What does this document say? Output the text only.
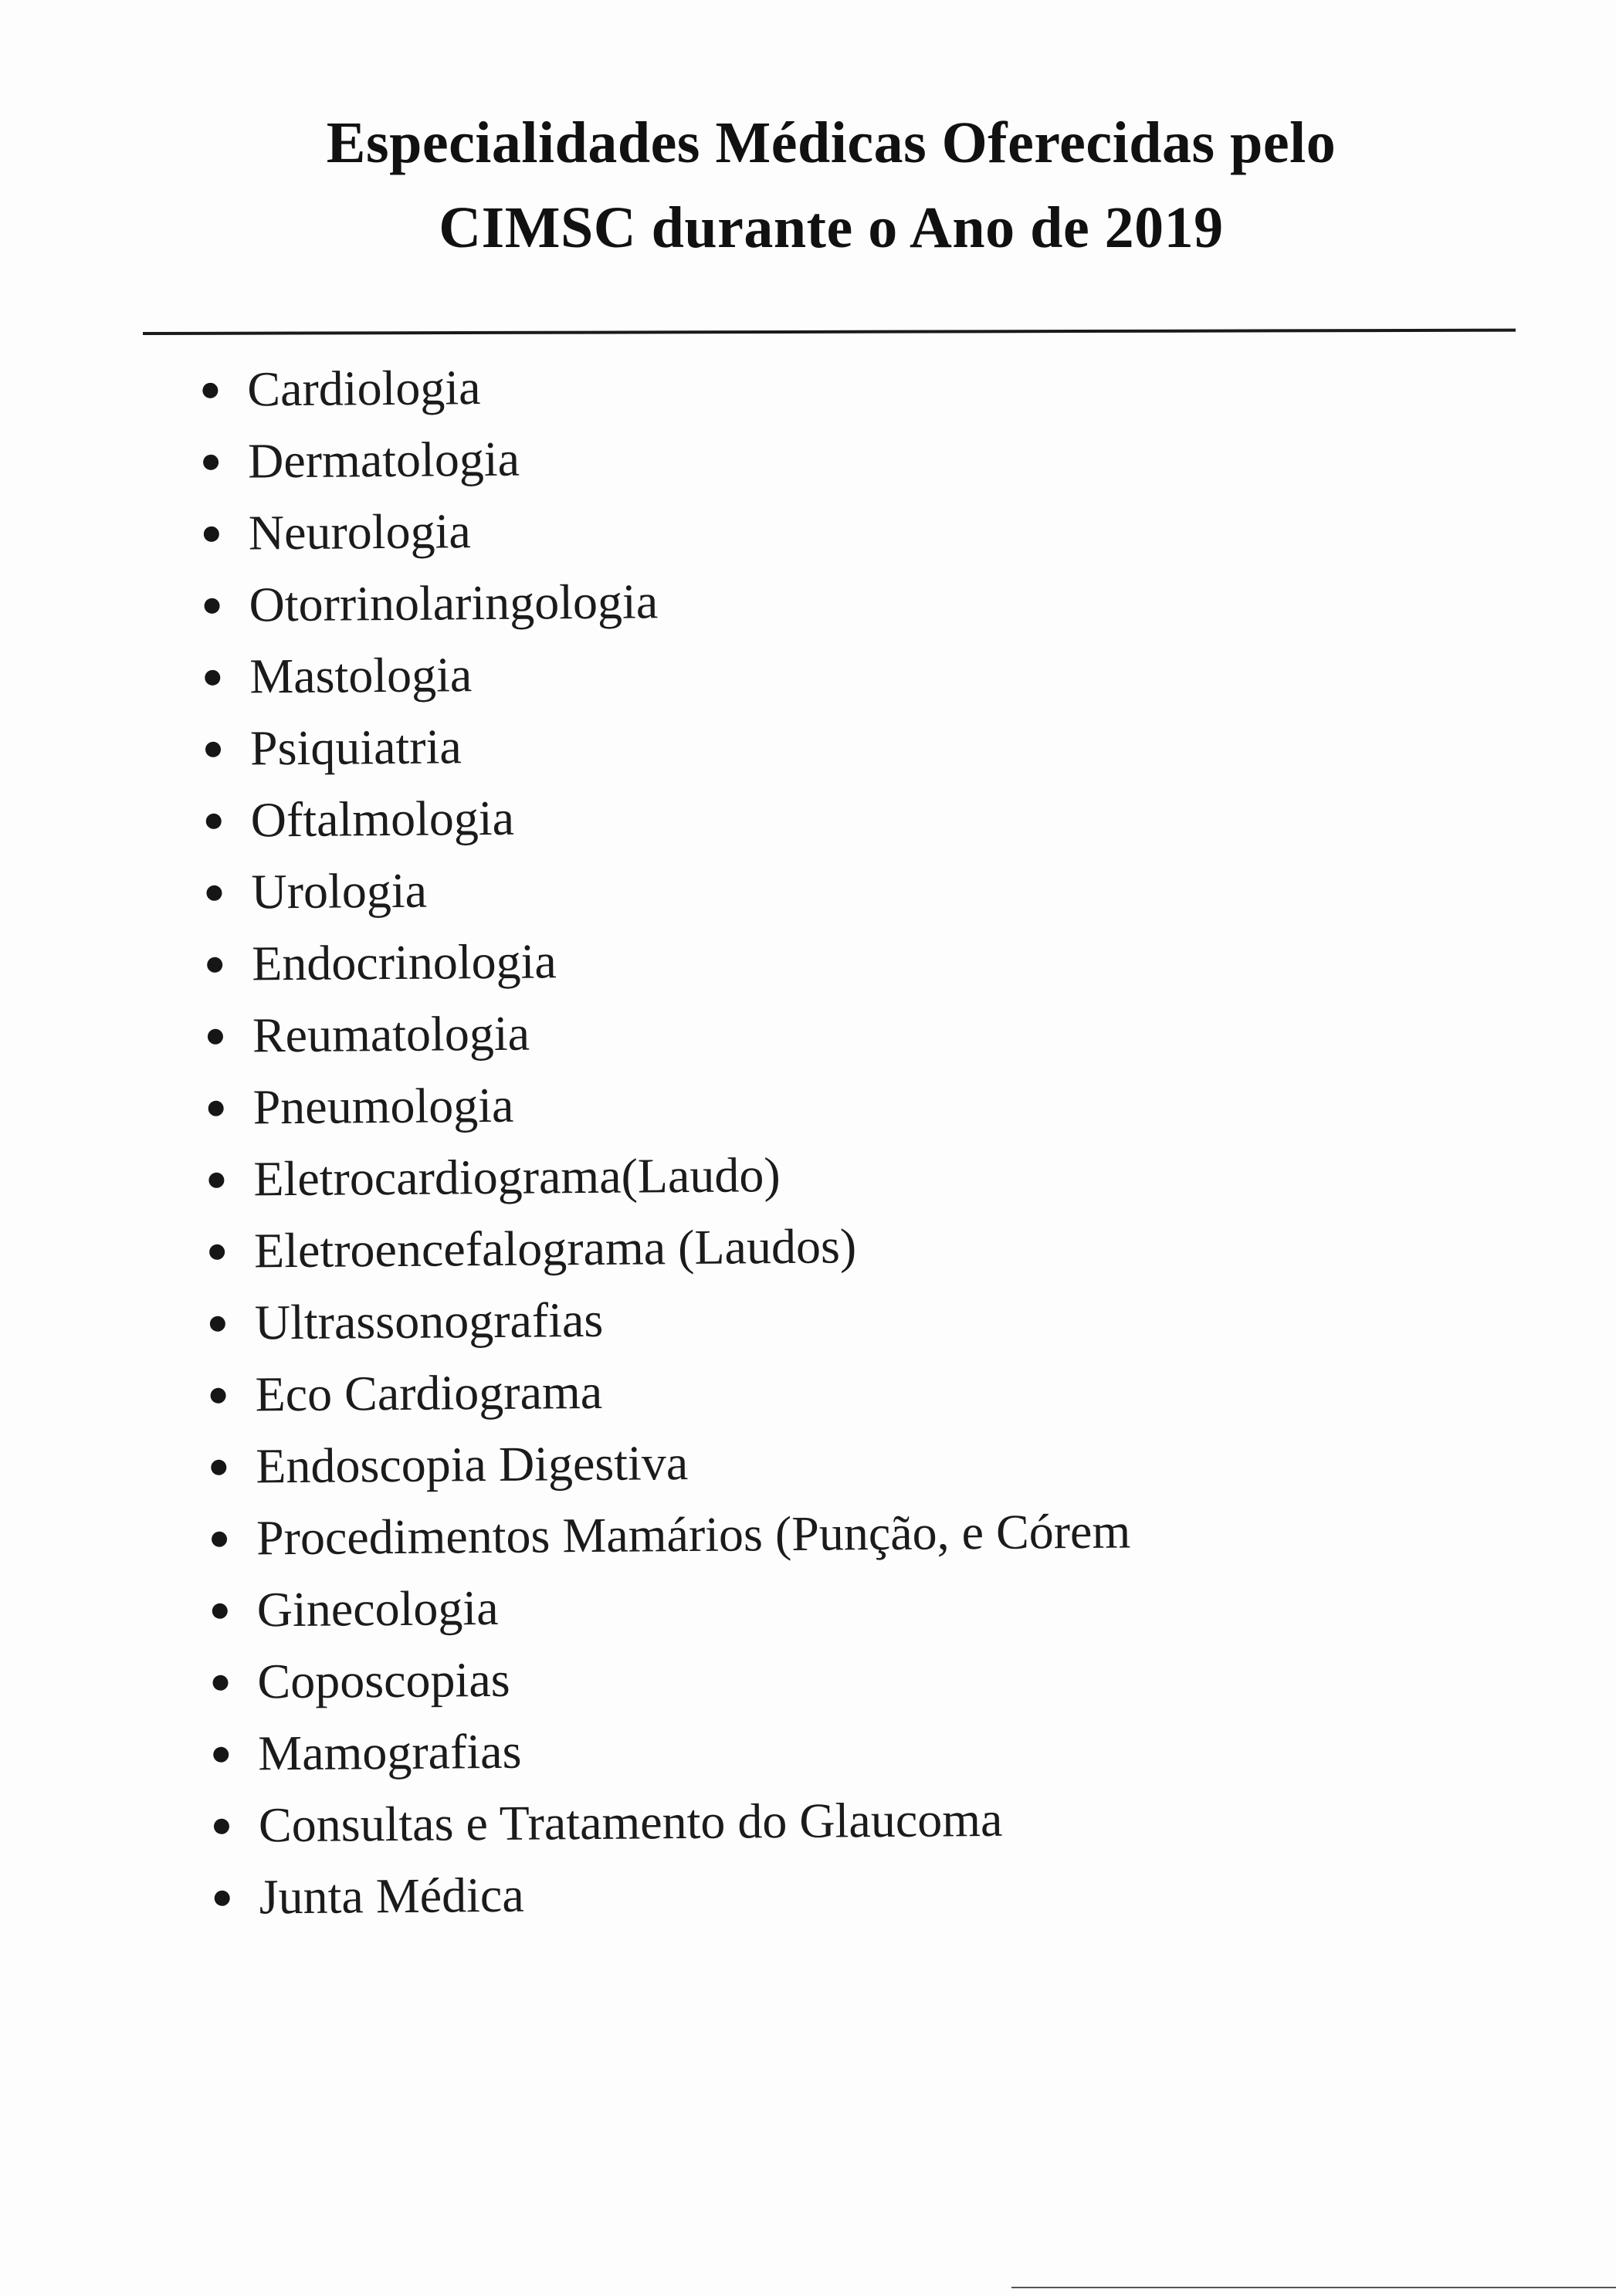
Especialidades Médicas Oferecidas pelo
CIMSC durante o Ano de 2019
Cardiologia
Dermatologia
Neurologia
Otorrinolaringologia
Mastologia
Psiquiatria
Oftalmologia
Urologia
Endocrinologia
Reumatologia
Pneumologia
Eletrocardiograma(Laudo)
Eletroencefalograma (Laudos)
Ultrassonografias
Eco Cardiograma
Endoscopia Digestiva
Procedimentos Mamários (Punção, e Córem
Ginecologia
Coposcopias
Mamografias
Consultas e Tratamento do Glaucoma
Junta Médica
